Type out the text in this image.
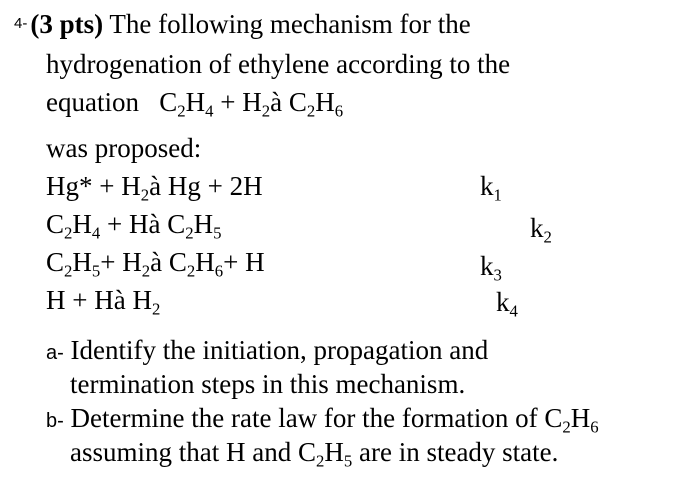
4- (3 pts) The following mechanism for the
hydrogenation of ethylene according to the
equation   $C_2H_4$ + $H_2à$ $C_2H_6$
was proposed:
$Hg* + H_2à$ Hg + 2H	$k_1$
$C_2H_4$ + Hà $C_2H_5$	$k_2$
$C_2H_5+$ $H_2à$ $C_2H_6+ H$	$k_3$
H + Hà $H_2$	$k_4$
a- Identify the initiation, propagation and
termination steps in this mechanism.
b- Determine the rate law for the formation of $C_2H_6$
assuming that H and $C_2H_5$ are in steady state.
